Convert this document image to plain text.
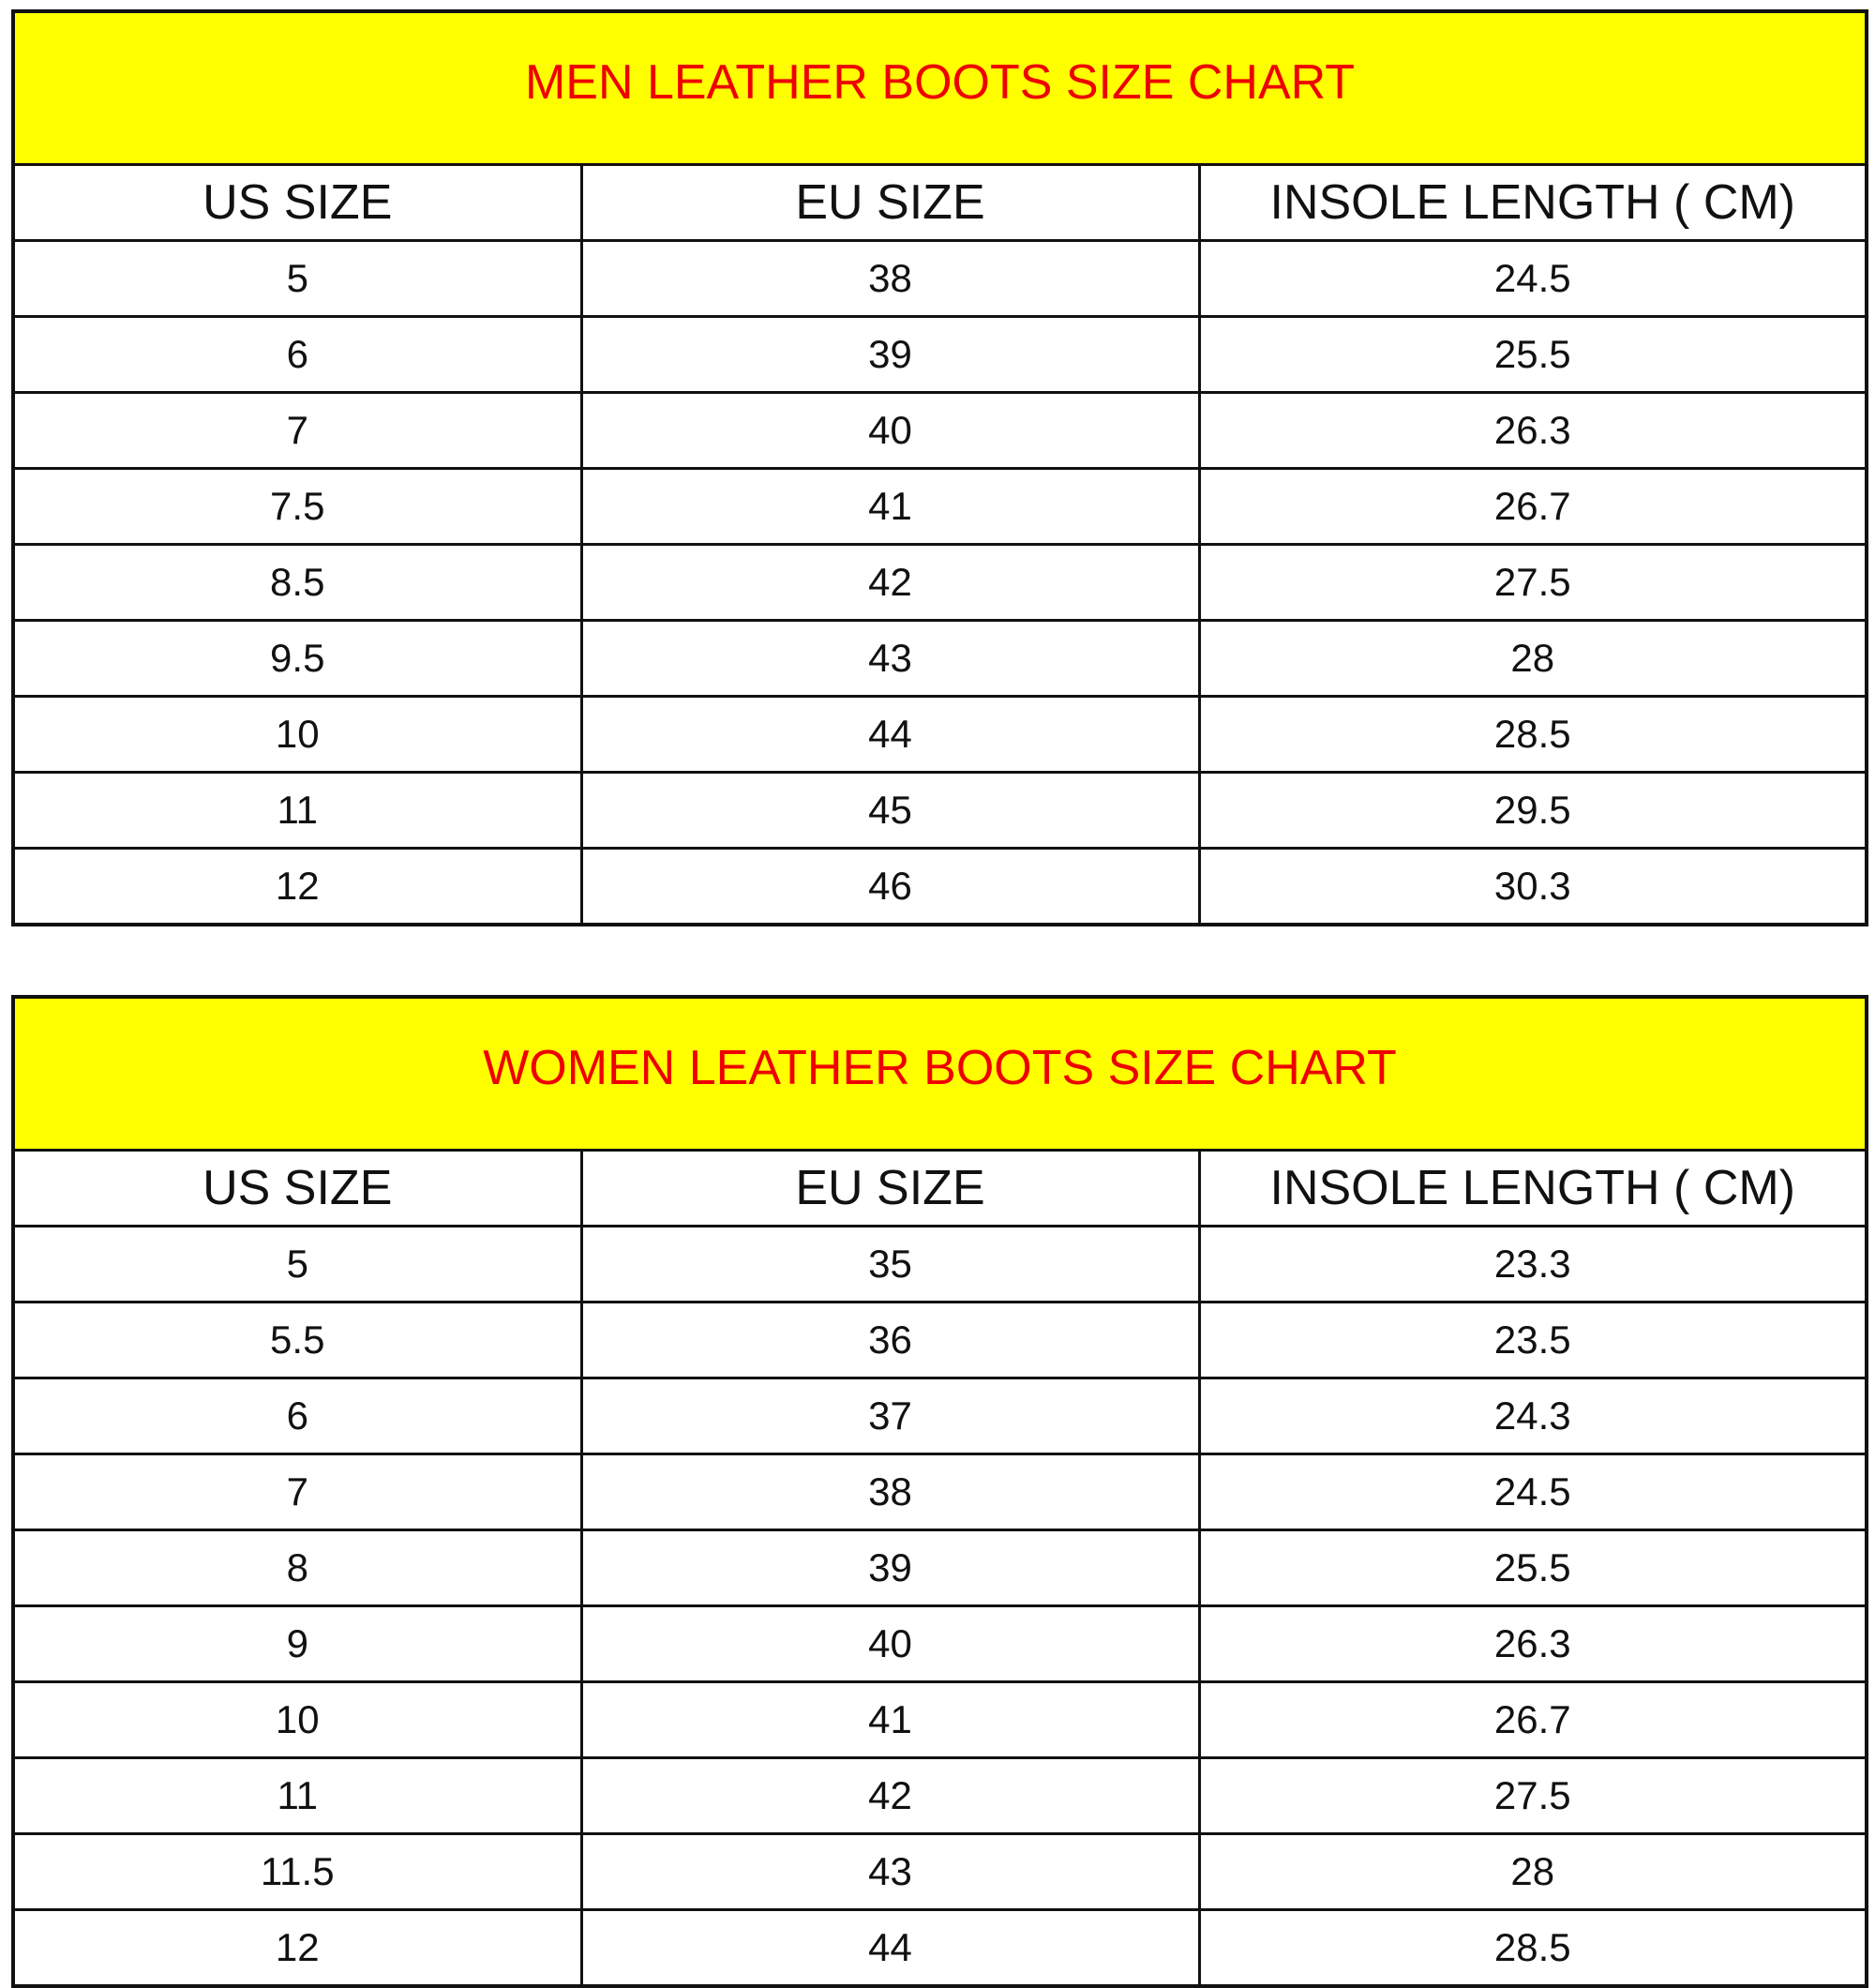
MEN LEATHER BOOTS SIZE CHART		
US SIZE	EU SIZE	INSOLE LENGTH ( CM)
5	38	24.5
6	39	25.5
7	40	26.3
7.5	41	26.7
8.5	42	27.5
9.5	43	28
10	44	28.5
11	45	29.5
12	46	30.3
WOMEN LEATHER BOOTS SIZE CHART		
US SIZE	EU SIZE	INSOLE LENGTH ( CM)
5	35	23.3
5.5	36	23.5
6	37	24.3
7	38	24.5
8	39	25.5
9	40	26.3
10	41	26.7
11	42	27.5
11.5	43	28
12	44	28.5
